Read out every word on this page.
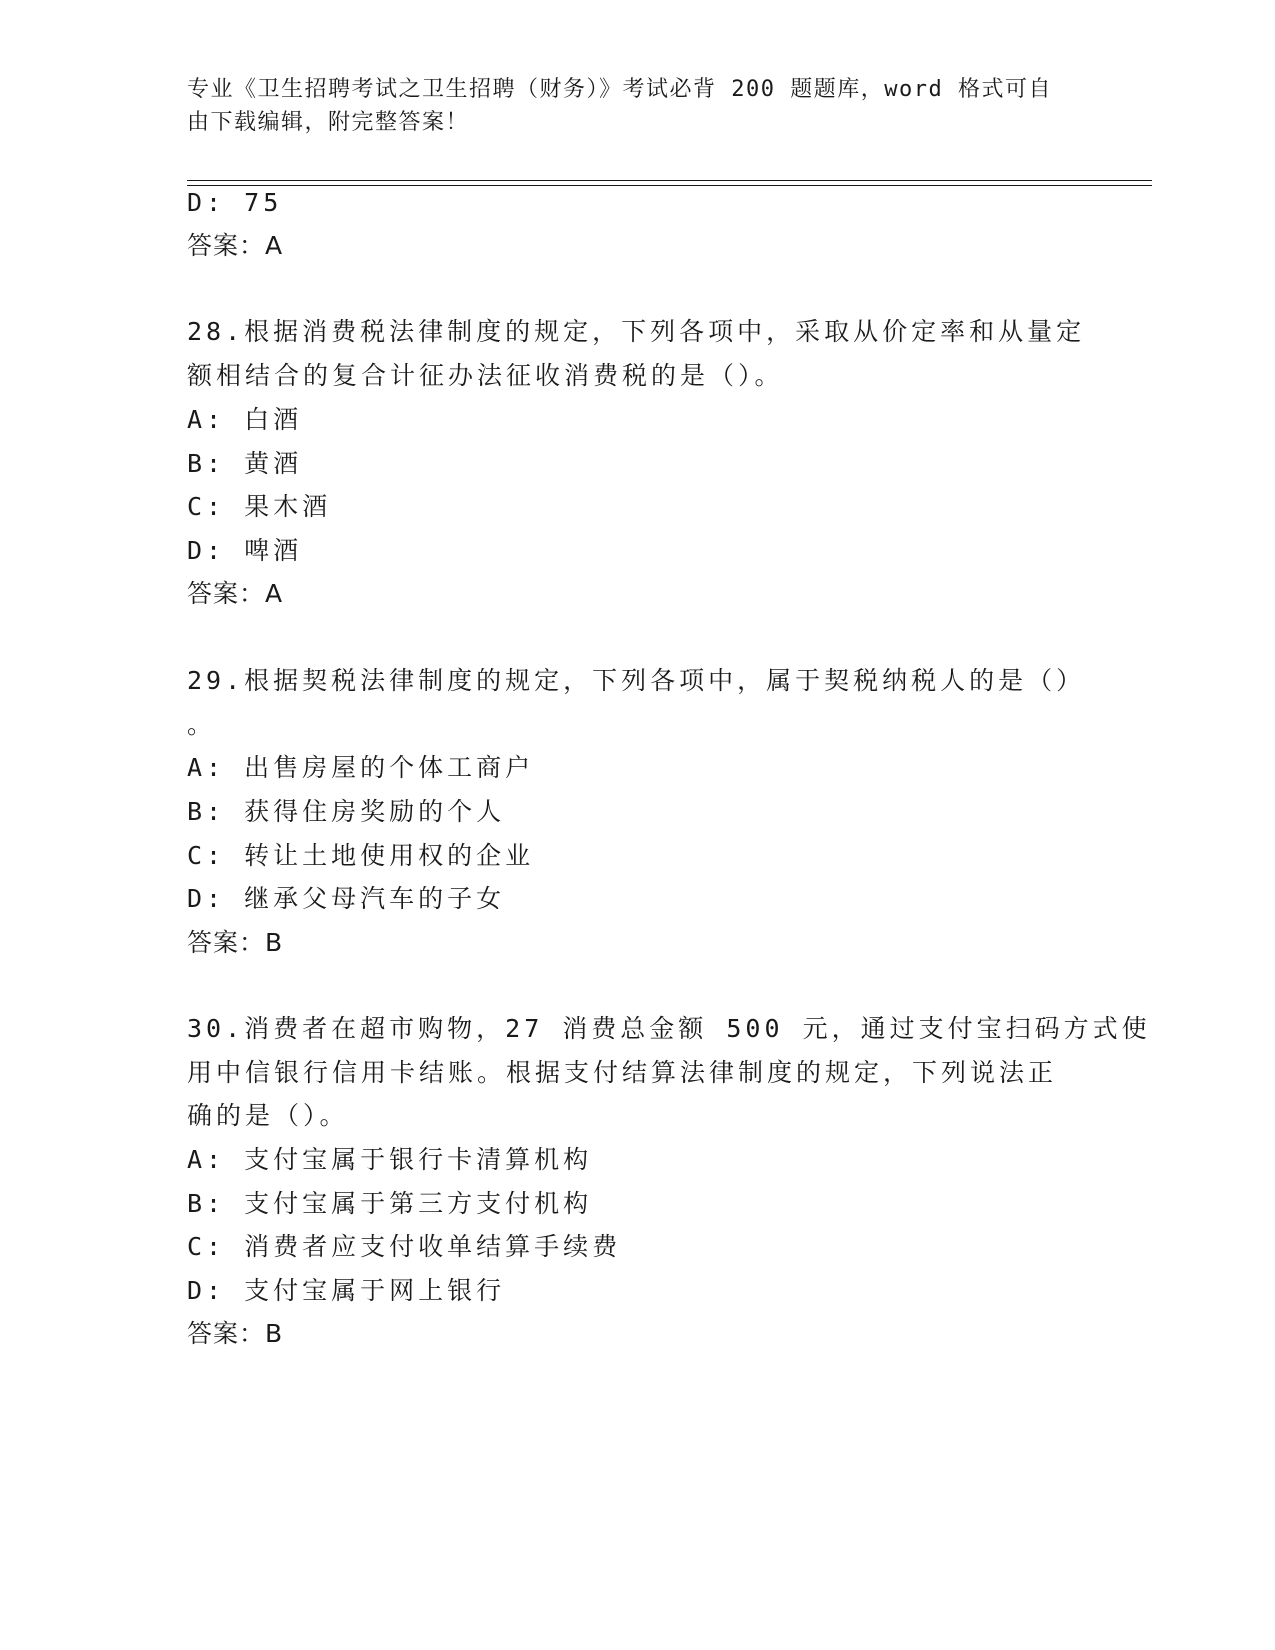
专业《卫生招聘考试之卫生招聘（财务）》考试必背 200 题题库，word 格式可自
由下载编辑，附完整答案！
D: 75
答案：A
28.根据消费税法律制度的规定，下列各项中，采取从价定率和从量定
额相结合的复合计征办法征收消费税的是（）。
A: 白酒
B: 黄酒
C: 果木酒
D: 啤酒
答案：A
29.根据契税法律制度的规定，下列各项中，属于契税纳税人的是（）
。
A: 出售房屋的个体工商户
B: 获得住房奖励的个人
C: 转让土地使用权的企业
D: 继承父母汽车的子女
答案：B
30.消费者在超市购物，27 消费总金额 500 元，通过支付宝扫码方式使
用中信银行信用卡结账。根据支付结算法律制度的规定，下列说法正
确的是（）。
A: 支付宝属于银行卡清算机构
B: 支付宝属于第三方支付机构
C: 消费者应支付收单结算手续费
D: 支付宝属于网上银行
答案：B
